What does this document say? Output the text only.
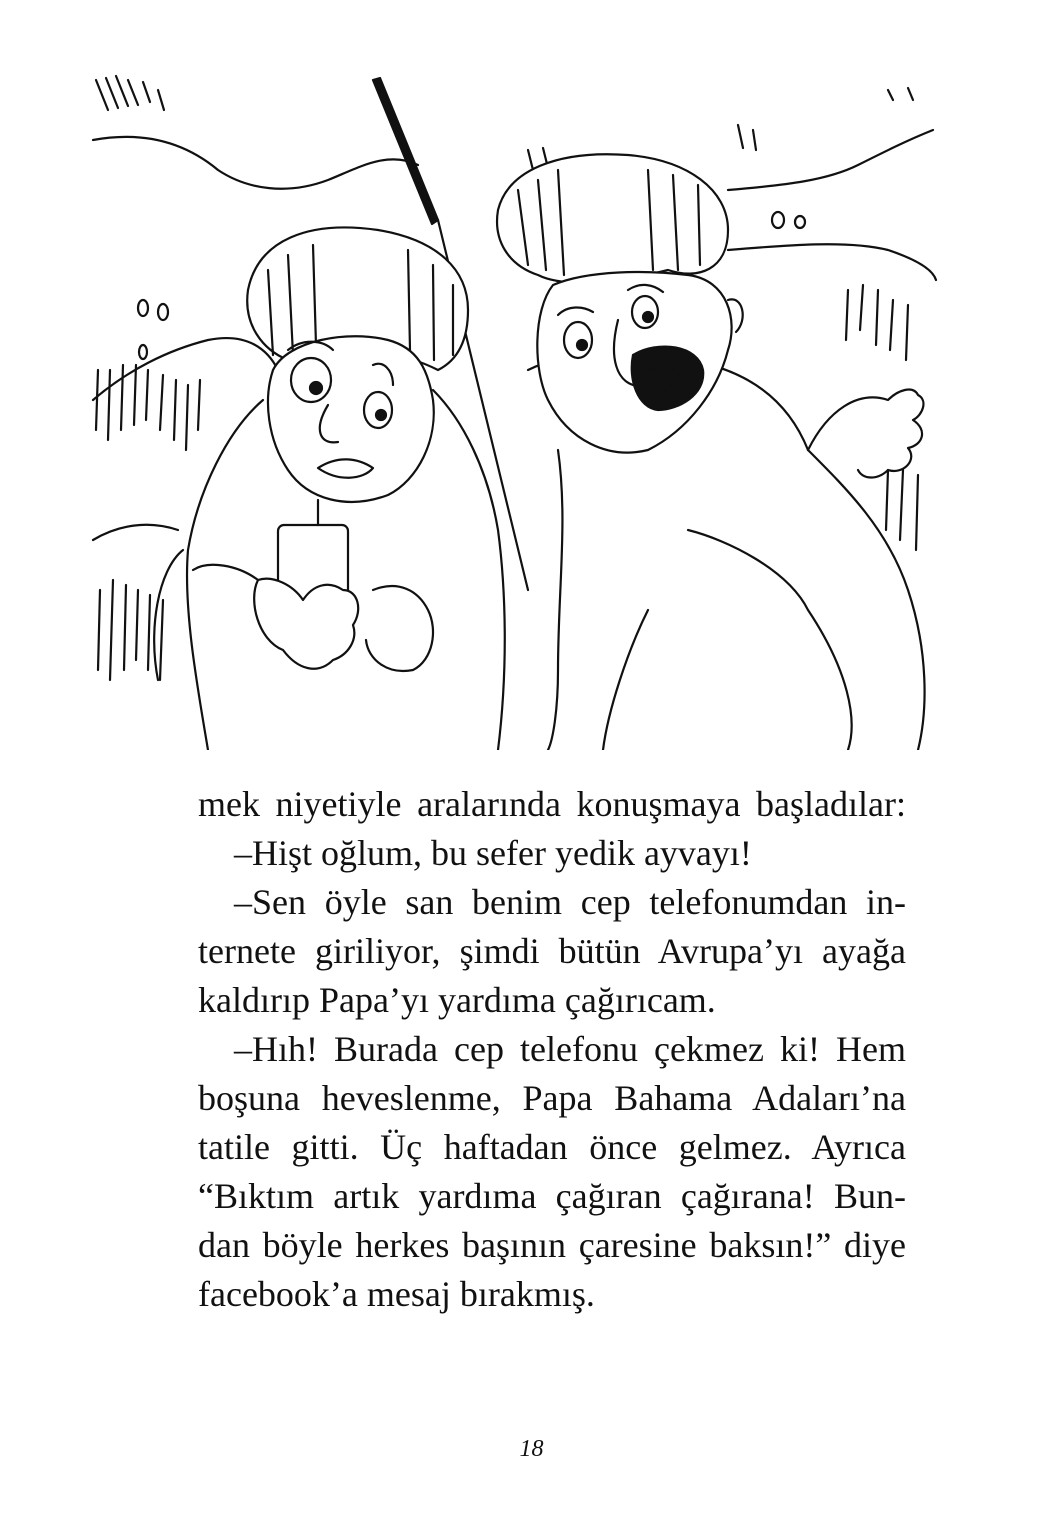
mek niyetiyle aralarında konuşmaya başladılar:
–Hişt oğlum, bu sefer yedik ayvayı!
–Sen öyle san benim cep telefonumdan in-
ternete giriliyor, şimdi bütün Avrupa’yı ayağa
kaldırıp Papa’yı yardıma çağırıcam.
–Hıh! Burada cep telefonu çekmez ki! Hem
boşuna heveslenme, Papa Bahama Adaları’na
tatile gitti. Üç haftadan önce gelmez. Ayrıca
“Bıktım artık yardıma çağıran çağırana! Bun-
dan böyle herkes başının çaresine baksın!” diye
facebook’a mesaj bırakmış.
18
